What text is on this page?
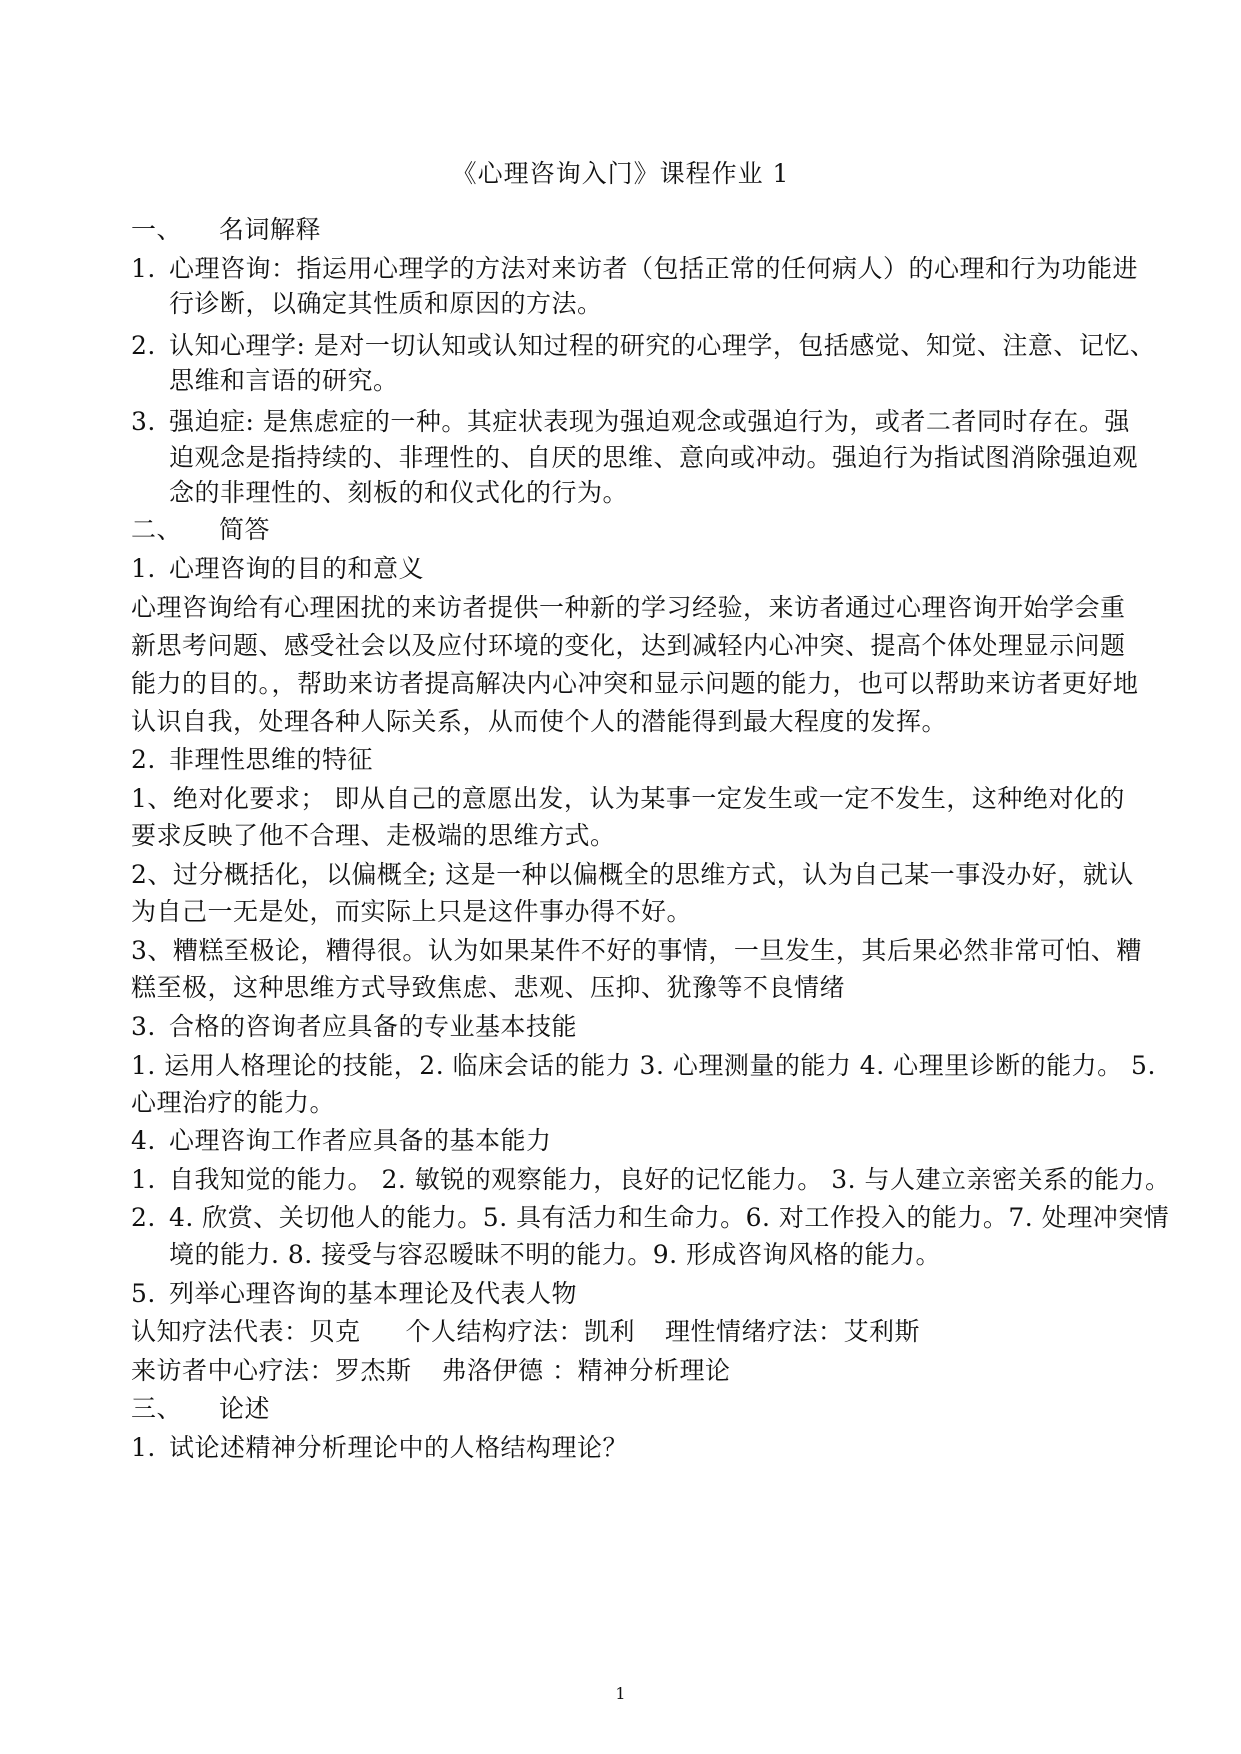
《心理咨询入门》课程作业 1
一、 名词解释
1. 心理咨询：指运用心理学的方法对来访者（包括正常的任何病人）的心理和行为功能进
行诊断，以确定其性质和原因的方法。
2. 认知心理学: 是对一切认知或认知过程的研究的心理学，包括感觉、知觉、注意、记忆、
思维和言语的研究。
3. 强迫症: 是焦虑症的一种。其症状表现为强迫观念或强迫行为，或者二者同时存在。强
迫观念是指持续的、非理性的、自厌的思维、意向或冲动。强迫行为指试图消除强迫观
念的非理性的、刻板的和仪式化的行为。
二、 简答
1. 心理咨询的目的和意义
心理咨询给有心理困扰的来访者提供一种新的学习经验，来访者通过心理咨询开始学会重
新思考问题、感受社会以及应付环境的变化，达到减轻内心冲突、提高个体处理显示问题
能力的目的。，帮助来访者提高解决内心冲突和显示问题的能力，也可以帮助来访者更好地
认识自我，处理各种人际关系，从而使个人的潜能得到最大程度的发挥。
2. 非理性思维的特征
1、绝对化要求； 即从自己的意愿出发，认为某事一定发生或一定不发生，这种绝对化的
要求反映了他不合理、走极端的思维方式。
2、过分概括化，以偏概全; 这是一种以偏概全的思维方式，认为自己某一事没办好，就认
为自己一无是处，而实际上只是这件事办得不好。
3、糟糕至极论，糟得很。认为如果某件不好的事情，一旦发生，其后果必然非常可怕、糟
糕至极，这种思维方式导致焦虑、悲观、压抑、犹豫等不良情绪
3. 合格的咨询者应具备的专业基本技能
1. 运用人格理论的技能，2. 临床会话的能力 3. 心理测量的能力 4. 心理里诊断的能力。 5.
心理治疗的能力。
4. 心理咨询工作者应具备的基本能力
1. 自我知觉的能力。 2. 敏锐的观察能力，良好的记忆能力。 3. 与人建立亲密关系的能力。
2. 4. 欣赏、关切他人的能力。5. 具有活力和生命力。6. 对工作投入的能力。7. 处理冲突情
境的能力. 8. 接受与容忍暧昧不明的能力。9. 形成咨询风格的能力。
5. 列举心理咨询的基本理论及代表人物
认知疗法代表：贝克 个人结构疗法：凯利 理性情绪疗法：艾利斯
来访者中心疗法：罗杰斯 弗洛伊德 ：精神分析理论
三、 论述
1. 试论述精神分析理论中的人格结构理论？
1
